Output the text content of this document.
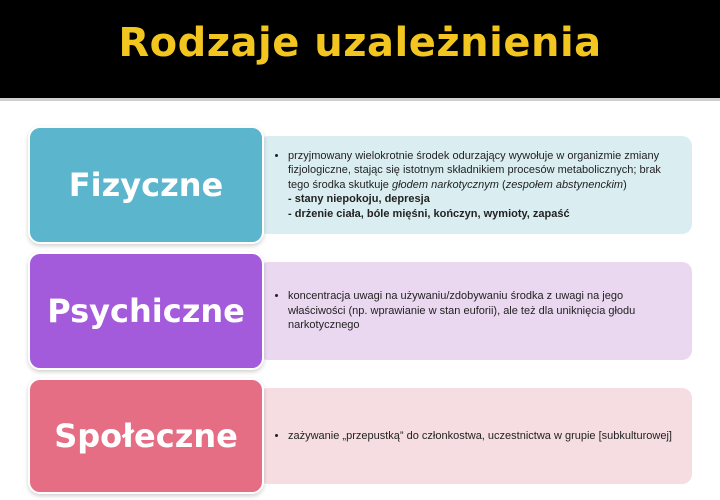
Rodzaje uzależnienia
• przyjmowany wielokrotnie środek odurzający wywołuje w organizmie zmiany fizjologiczne, stając się istotnym składnikiem procesów metabolicznych; brak tego środka skutkuje głodem narkotycznym (zespołem abstynenckim)
- stany niepokoju, depresja
- drżenie ciała, bóle mięśni, kończyn, wymioty, zapaść
Fizyczne
• koncentracja uwagi na używaniu/zdobywaniu środka z uwagi na jego właściwości (np. wprawianie w stan euforii), ale też dla uniknięcia głodu narkotycznego
Psychiczne
• zażywanie „przepustką” do członkostwa, uczestnictwa w grupie [subkulturowej]
Społeczne
